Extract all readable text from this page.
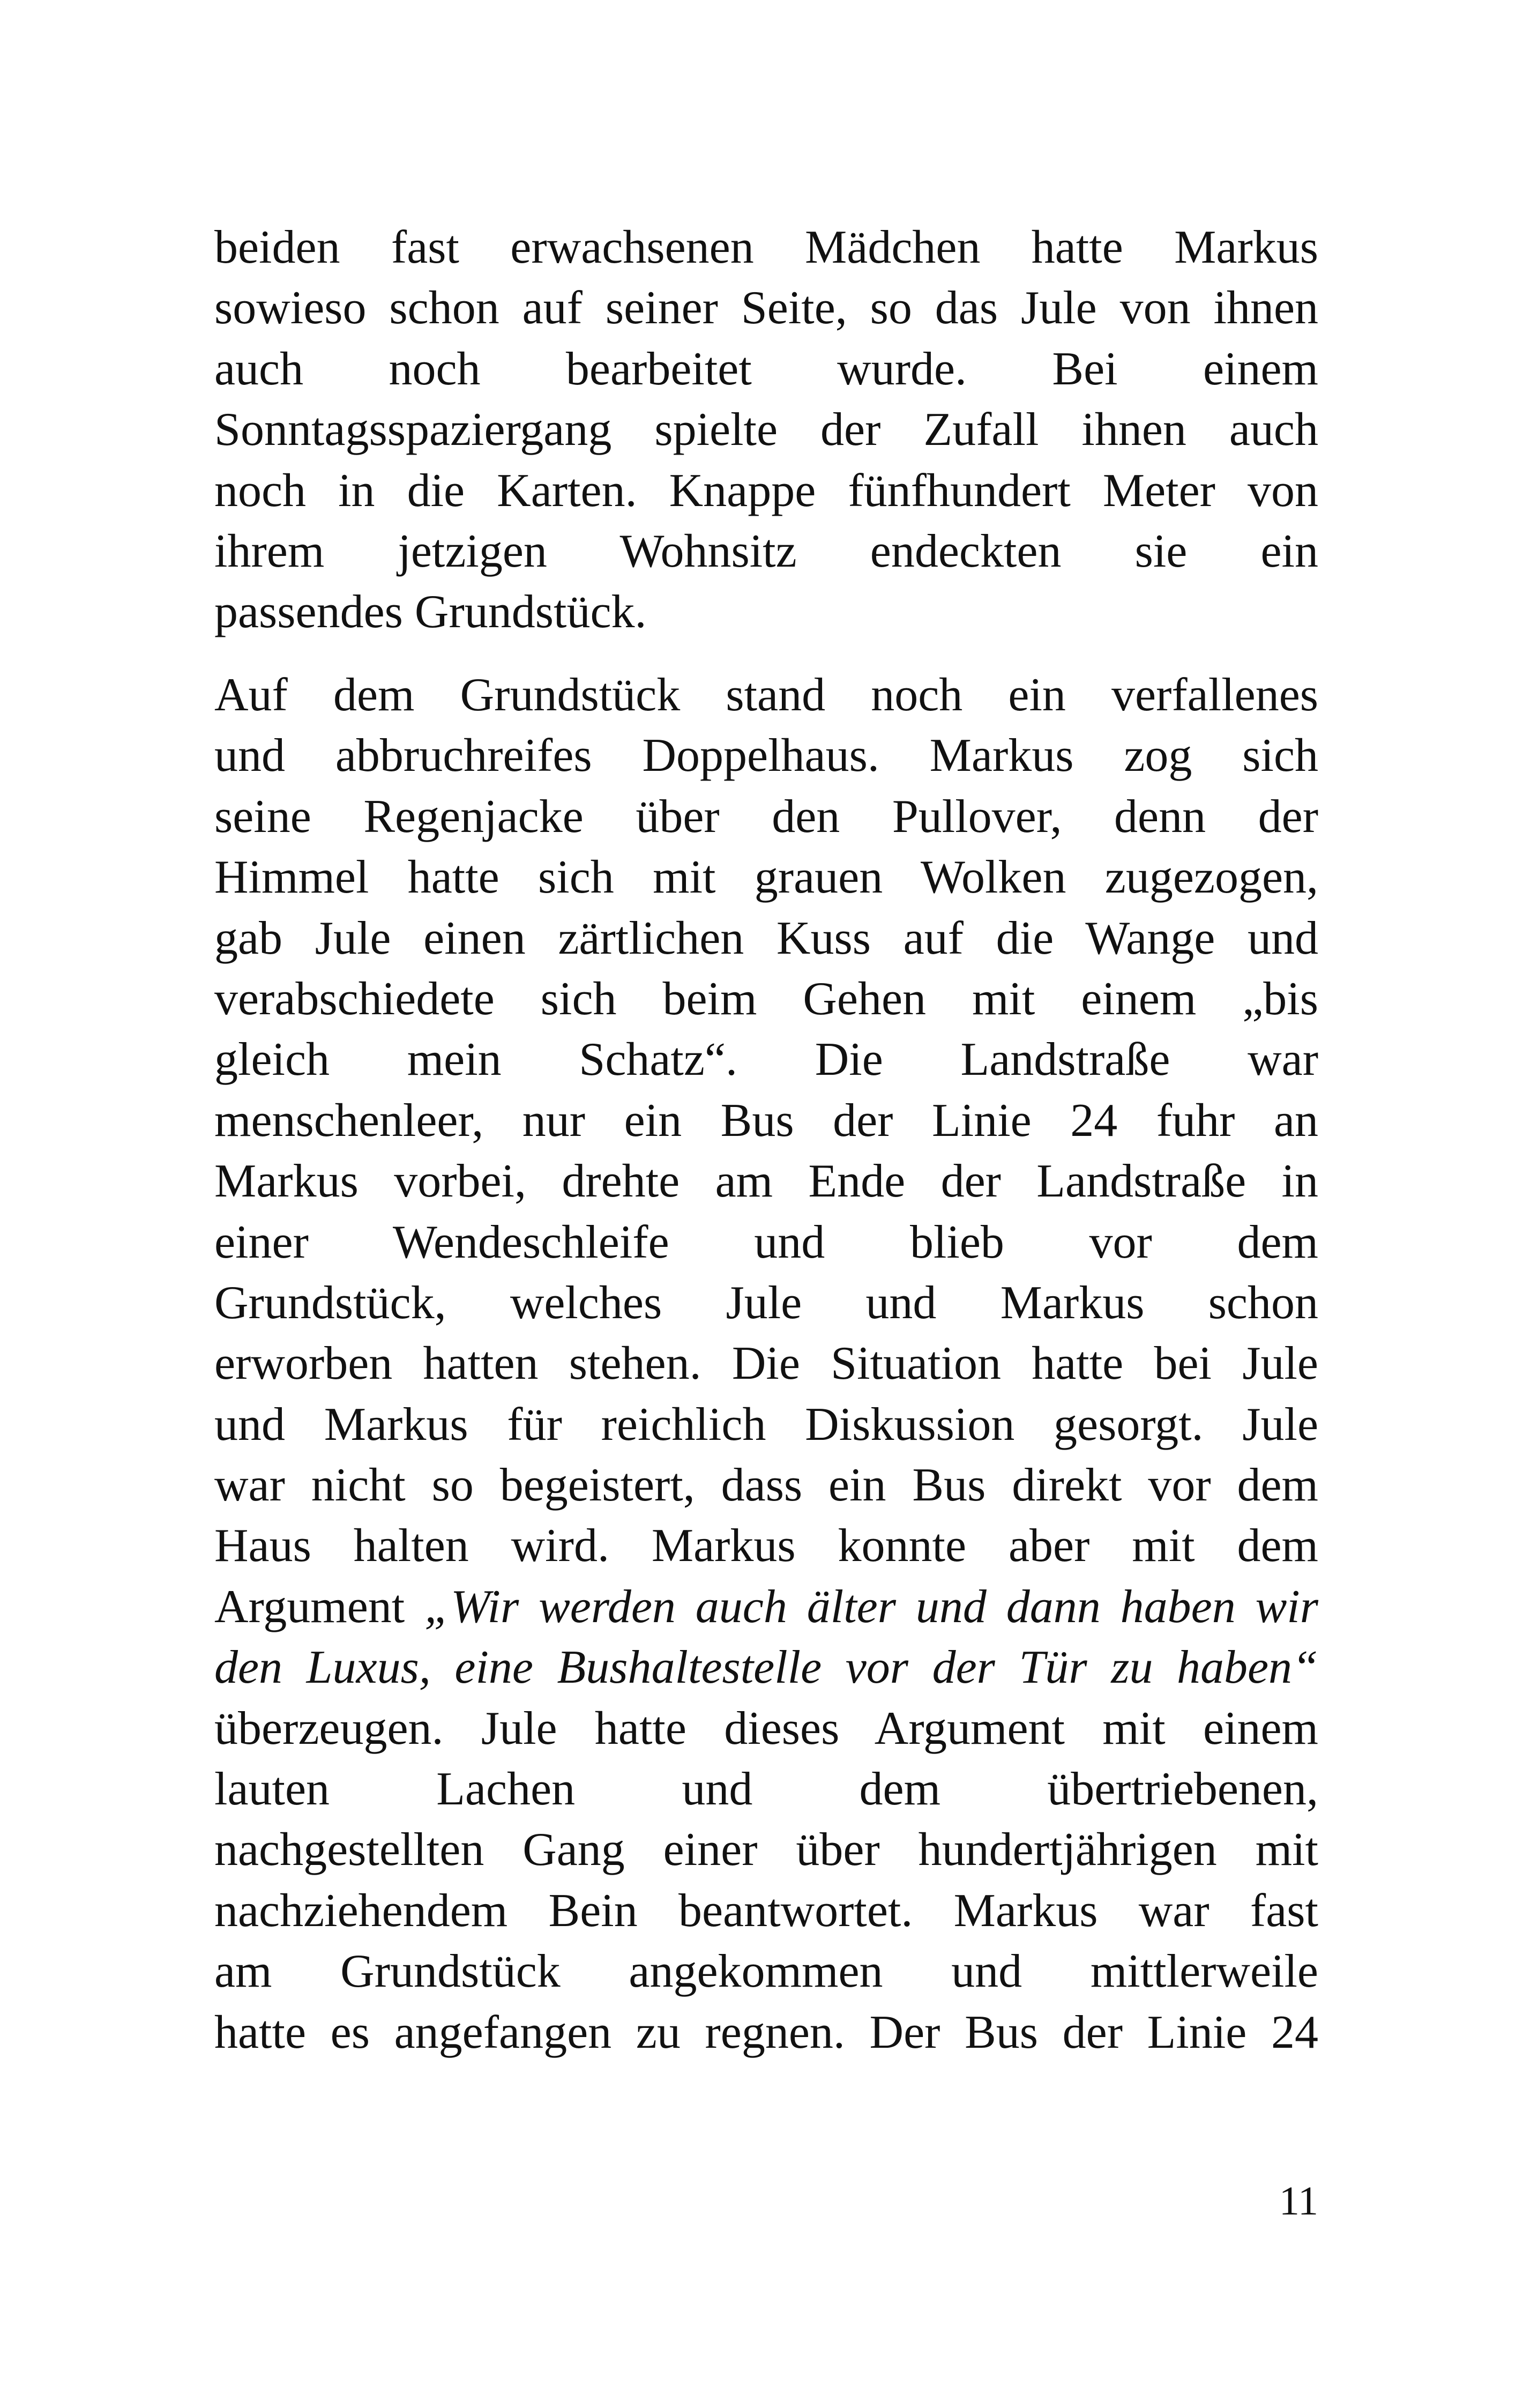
beiden fast erwachsenen Mädchen hatte Markus
sowieso schon auf seiner Seite, so das Jule von ihnen
auch noch bearbeitet wurde. Bei einem
Sonntagsspaziergang spielte der Zufall ihnen auch
noch in die Karten. Knappe fünfhundert Meter von
ihrem jetzigen Wohnsitz endeckten sie ein
passendes Grundstück.
Auf dem Grundstück stand noch ein verfallenes
und abbruchreifes Doppelhaus. Markus zog sich
seine Regenjacke über den Pullover, denn der
Himmel hatte sich mit grauen Wolken zugezogen,
gab Jule einen zärtlichen Kuss auf die Wange und
verabschiedete sich beim Gehen mit einem „bis
gleich mein Schatz“. Die Landstraße war
menschenleer, nur ein Bus der Linie 24 fuhr an
Markus vorbei, drehte am Ende der Landstraße in
einer Wendeschleife und blieb vor dem
Grundstück, welches Jule und Markus schon
erworben hatten stehen. Die Situation hatte bei Jule
und Markus für reichlich Diskussion gesorgt. Jule
war nicht so begeistert, dass ein Bus direkt vor dem
Haus halten wird. Markus konnte aber mit dem
Argument „Wir werden auch älter und dann haben wir
den Luxus, eine Bushaltestelle vor der Tür zu haben“
überzeugen. Jule hatte dieses Argument mit einem
lauten Lachen und dem übertriebenen,
nachgestellten Gang einer über hundertjährigen mit
nachziehendem Bein beantwortet. Markus war fast
am Grundstück angekommen und mittlerweile
hatte es angefangen zu regnen. Der Bus der Linie 24
11
